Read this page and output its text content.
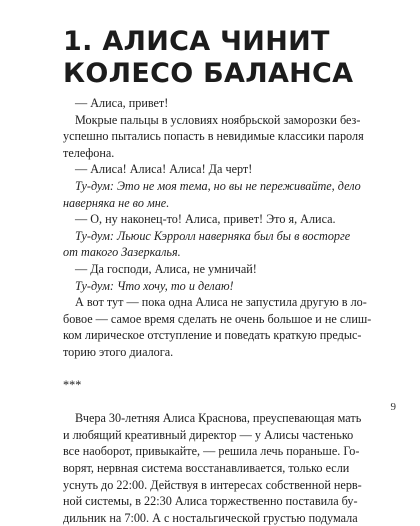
1. АЛИСА ЧИНИТ
КОЛЕСО БАЛАНСА
— Алиса, привет!
Мокрые пальцы в условиях ноябрьской заморозки без-
успешно пытались попасть в невидимые классики пароля
телефона.
— Алиса! Алиса! Алиса! Да черт!
Ту-дум: Это не моя тема, но вы не переживайте, дело
наверняка не во мне.
— О, ну наконец-то! Алиса, привет! Это я, Алиса.
Ту-дум: Льюис Кэрролл наверняка был бы в восторге
от такого Зазеркалья.
— Да господи, Алиса, не умничай!
Ту-дум: Что хочу, то и делаю!
А вот тут — пока одна Алиса не запустила другую в ло-
бовое — самое время сделать не очень большое и не слиш-
ком лирическое отступление и поведать краткую предыс-
торию этого диалога.
***
Вчера 30-летняя Алиса Краснова, преуспевающая мать
и любящий креативный директор — у Алисы частенько
все наоборот, привыкайте, — решила лечь пораньше. Го-
ворят, нервная система восстанавливается, только если
уснуть до 22:00. Действуя в интересах собственной нерв-
ной системы, в 22:30 Алиса торжественно поставила бу-
дильник на 7:00. А с ностальгической грустью подумала
9
